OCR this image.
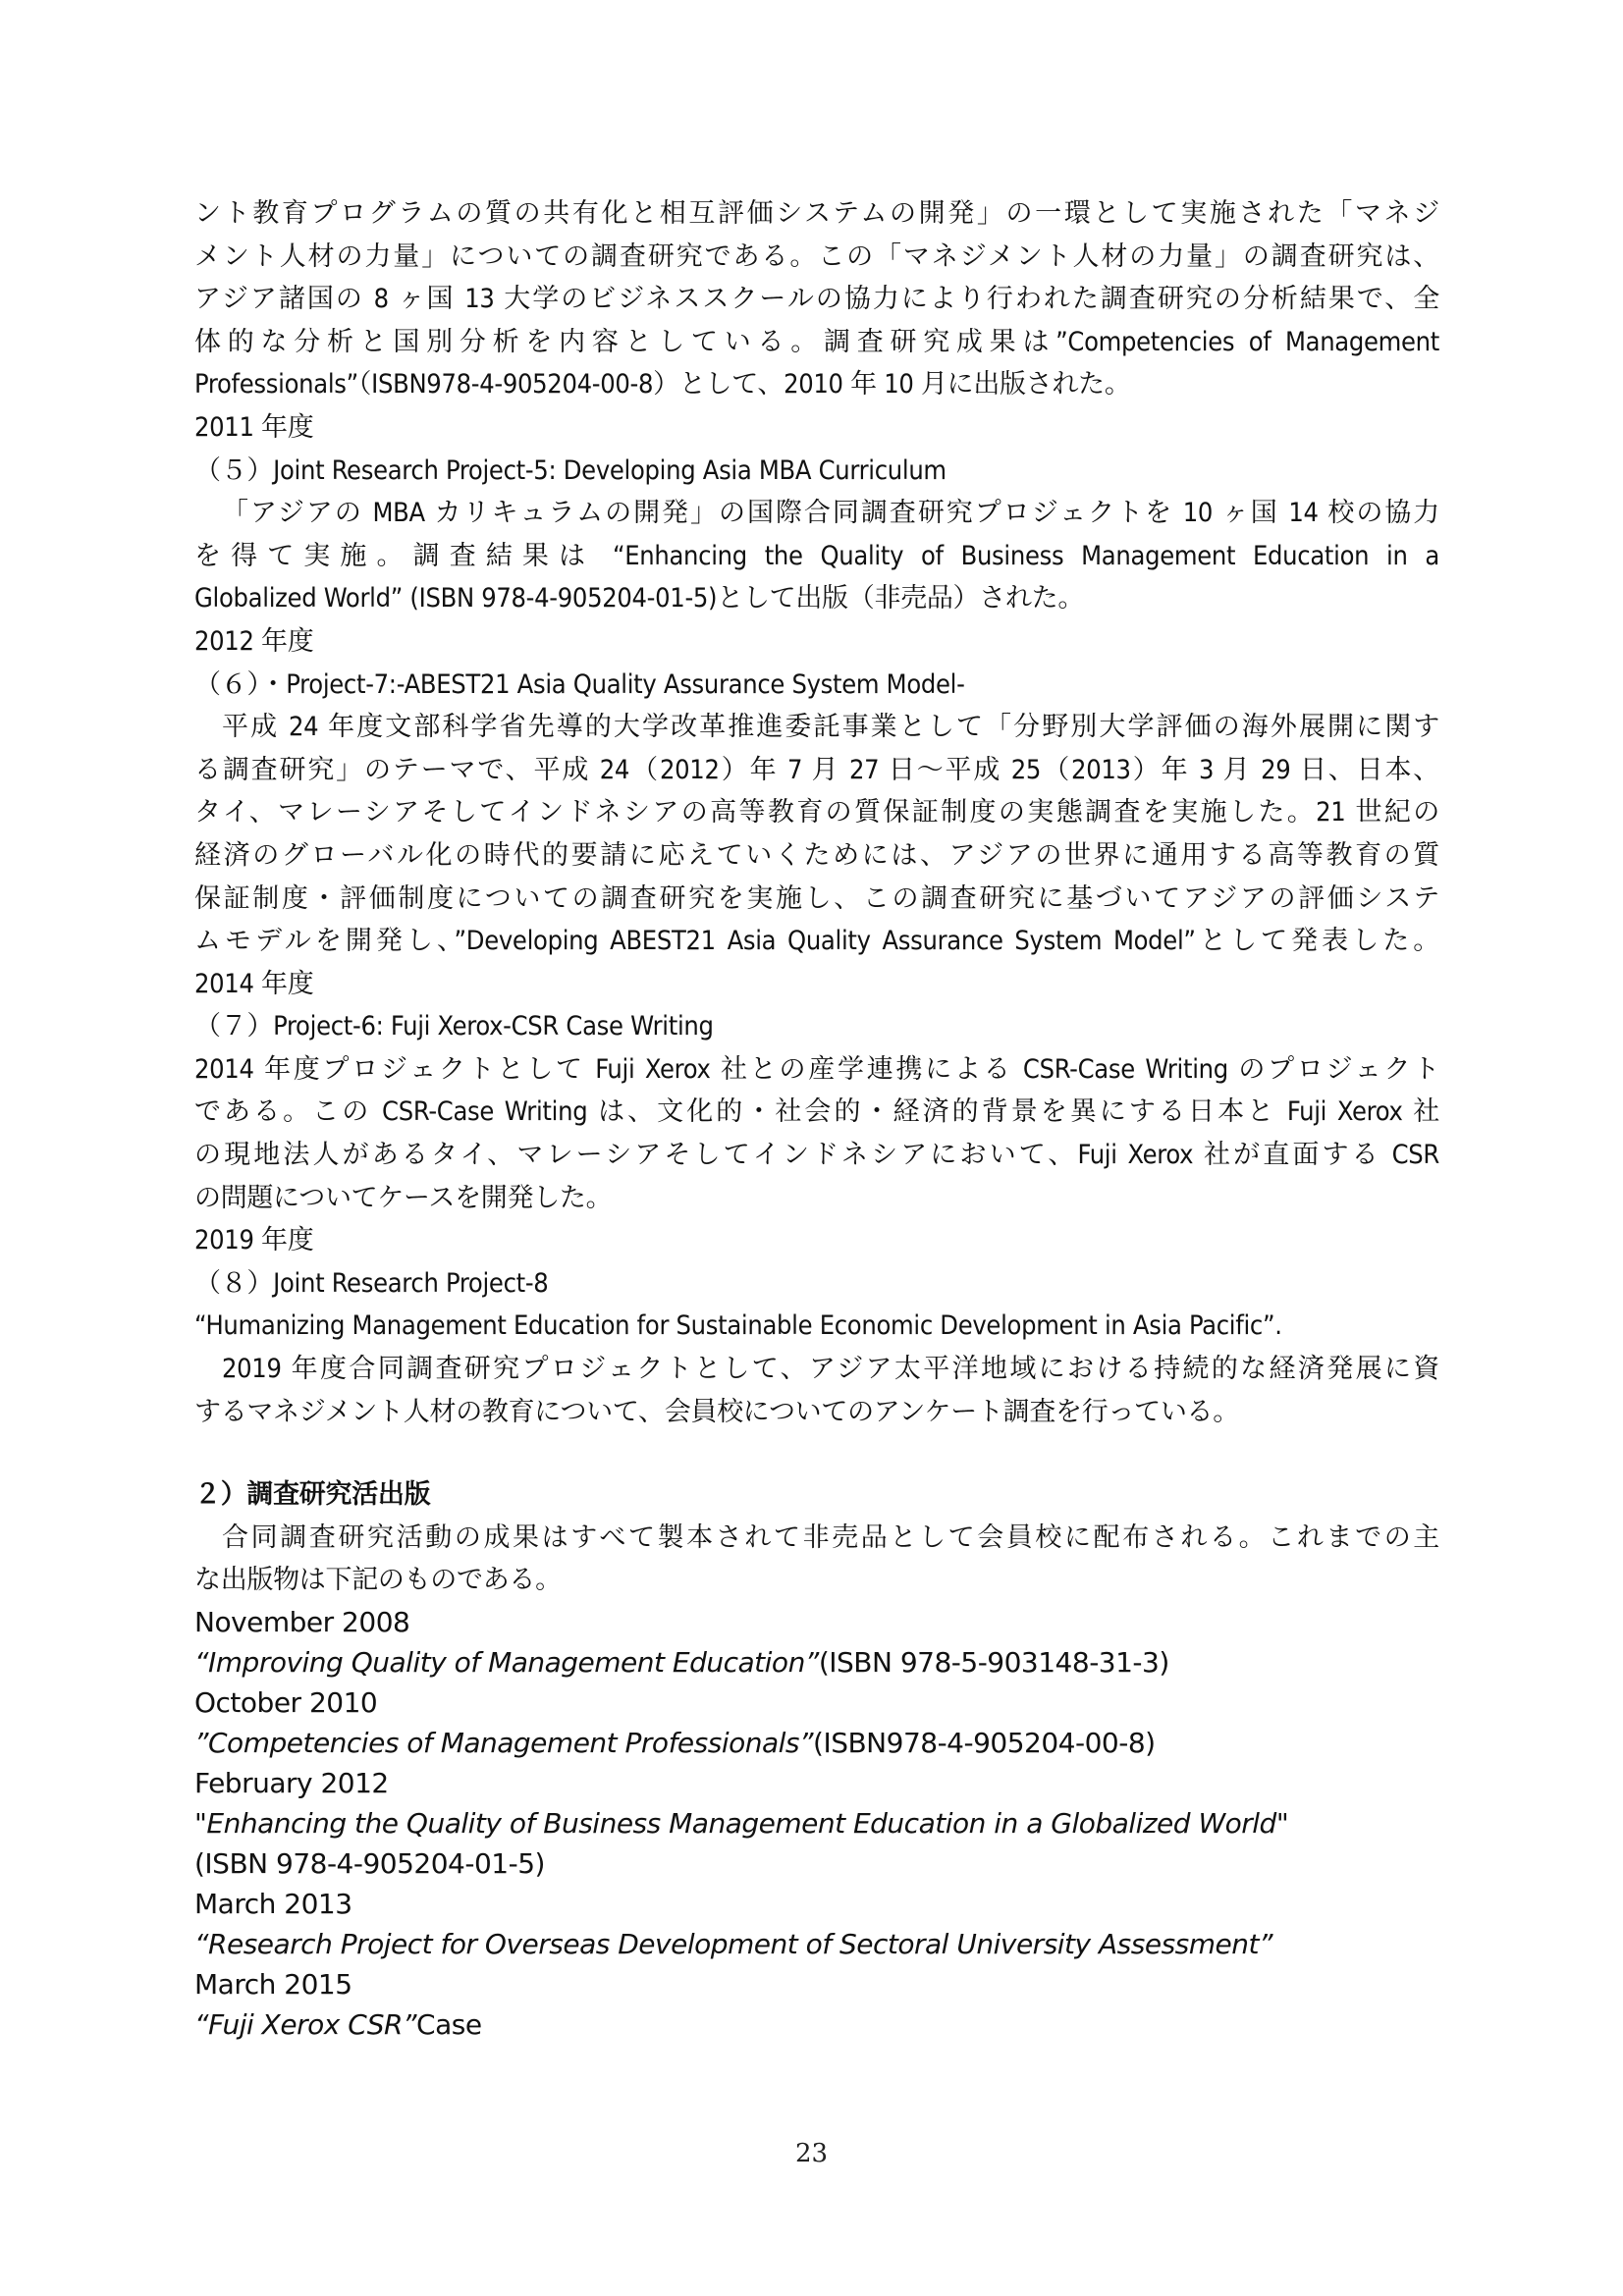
ント教育プログラムの質の共有化と相互評価システムの開発」の一環として実施された「マネジ
メント人材の力量」についての調査研究である。この「マネジメント人材の力量」の調査研究は、
アジア諸国の 8 ヶ国 13 大学のビジネススクールの協力により行われた調査研究の分析結果で、全
体的な分析と国別分析を内容としている。調査研究成果は”Competencies of Management
Professionals”（ISBN978-4-905204-00-8）として、2010 年 10 月に出版された。
2011 年度
（５）Joint Research Project-5: Developing Asia MBA Curriculum
「アジアの MBA カリキュラムの開発」の国際合同調査研究プロジェクトを 10 ヶ国 14 校の協力
を得て実施。調査結果は “Enhancing the Quality of Business Management Education in a
Globalized World” (ISBN 978-4-905204-01-5)として出版（非売品）された。
2012 年度
（６）・Project-7:-ABEST21 Asia Quality Assurance System Model-
平成 24 年度文部科学省先導的大学改革推進委託事業として「分野別大学評価の海外展開に関す
る調査研究」のテーマで、平成 24（2012）年 7 月 27 日～平成 25（2013）年 3 月 29 日、日本、
タイ、マレーシアそしてインドネシアの高等教育の質保証制度の実態調査を実施した。21 世紀の
経済のグローバル化の時代的要請に応えていくためには、アジアの世界に通用する高等教育の質
保証制度・評価制度についての調査研究を実施し、この調査研究に基づいてアジアの評価システ
ムモデルを開発し、”Developing ABEST21 Asia Quality Assurance System Model”として発表した。
2014 年度
（７）Project-6: Fuji Xerox-CSR Case Writing
2014 年度プロジェクトとして Fuji Xerox 社との産学連携による CSR-Case Writing のプロジェクト
である。この CSR-Case Writing は、文化的・社会的・経済的背景を異にする日本と Fuji Xerox 社
の現地法人があるタイ、マレーシアそしてインドネシアにおいて、Fuji Xerox 社が直面する CSR
の問題についてケースを開発した。
2019 年度
（８）Joint Research Project-8
“Humanizing Management Education for Sustainable Economic Development in Asia Pacific”.
2019 年度合同調査研究プロジェクトとして、アジア太平洋地域における持続的な経済発展に資
するマネジメント人材の教育について、会員校についてのアンケート調査を行っている。
２）調査研究活出版
合同調査研究活動の成果はすべて製本されて非売品として会員校に配布される。これまでの主
な出版物は下記のものである。
November 2008
“Improving Quality of Management Education”(ISBN 978-5-903148-31-3)
October 2010
”Competencies of Management Professionals”(ISBN978-4-905204-00-8)
February 2012
"Enhancing the Quality of Business Management Education in a Globalized World"
(ISBN 978-4-905204-01-5)
March 2013
“Research Project for Overseas Development of Sectoral University Assessment”
March 2015
“Fuji Xerox CSR”Case
23
